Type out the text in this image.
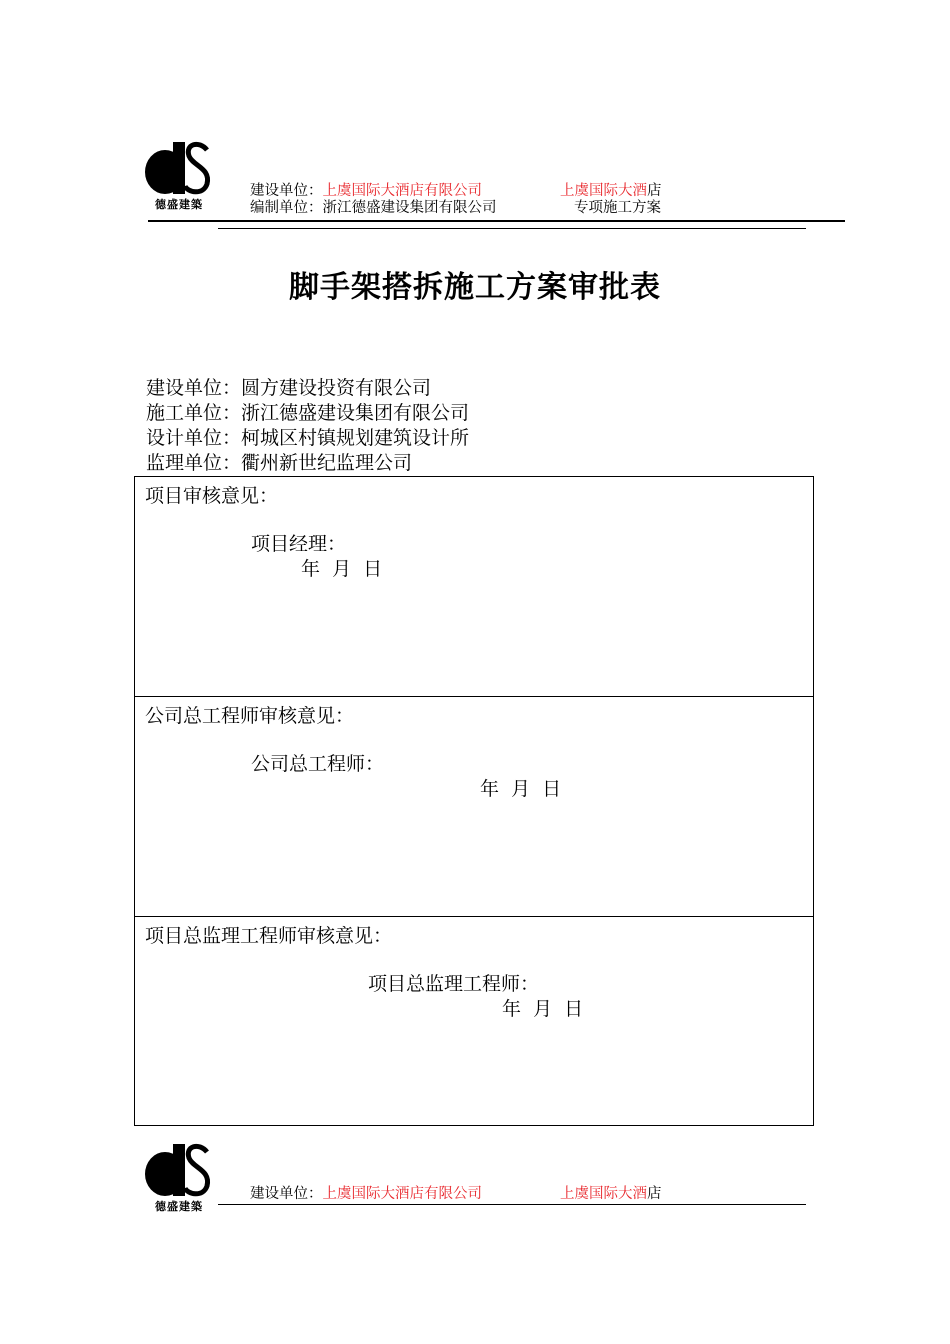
德盛建築
建设单位：上虞国际大酒店有限公司	上虞国际大酒店
编制单位：浙江德盛建设集团有限公司	专项施工方案
脚手架搭拆施工方案审批表
建设单位：圆方建设投资有限公司
施工单位：浙江德盛建设集团有限公司
设计单位：柯城区村镇规划建筑设计所
监理单位：衢州新世纪监理公司
项目审核意见：
项目经理：
年  月  日
公司总工程师审核意见：
公司总工程师：
年  月  日
项目总监理工程师审核意见：
项目总监理工程师：
年  月  日
德盛建築
建设单位：上虞国际大酒店有限公司	上虞国际大酒店
